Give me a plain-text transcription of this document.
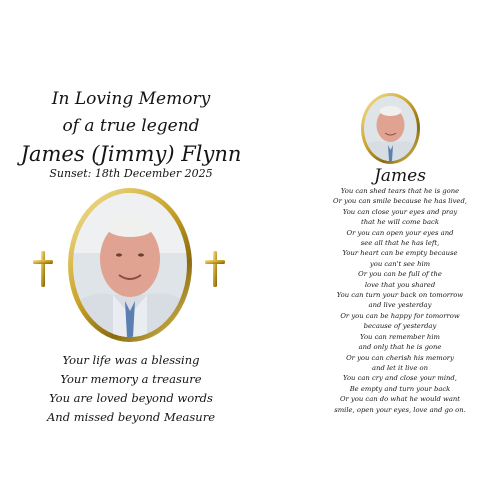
In Loving Memory
of a true legend
James (Jimmy) Flynn
Sunset: 18th December 2025
Your life was a blessing
Your memory a treasure
You are loved beyond words
And missed beyond Measure
James
You can shed tears that he is gone
Or you can smile because he has lived,
You can close your eyes and pray
that he will come back
Or you can open your eyes and
see all that he has left,
Your heart can be empty because
you can't see him
Or you can be full of the
love that you shared
You can turn your back on tomorrow
and live yesterday
Or you can be happy for tomorrow
because of yesterday
You can remember him
and only that he is gone
Or you can cherish his memory
and let it live on
You can cry and close your mind,
Be empty and turn your back
Or you can do what he would want
smile, open your eyes, love and go on.
